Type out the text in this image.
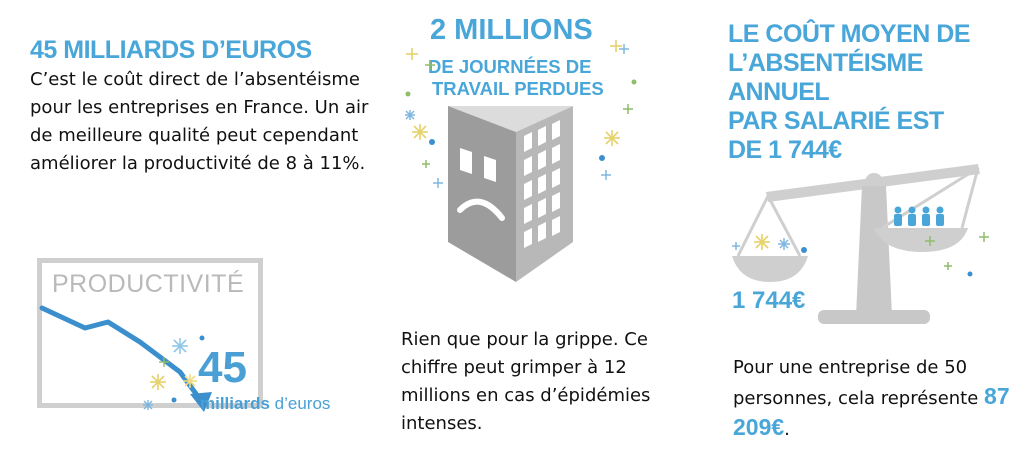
45 MILLIARDS D’EUROS
C’est le coût direct de l’absentéisme pour les entreprises en France. Un air de meilleure qualité peut cependant améliorer la productivité de 8 à 11%.
PRODUCTIVITÉ
45
milliards d’euros
2 MILLIONS
DE JOURNÉES DE
TRAVAIL PERDUES
Rien que pour la grippe. Ce chiffre peut grimper à 12 millions en cas d’épidémies intenses.
LE COÛT MOYEN DE
L’ABSENTÉISME ANNUEL
PAR SALARIÉ EST
DE 1 744€
1 744€
Pour une entreprise de 50 personnes, cela représente 87 209€.
